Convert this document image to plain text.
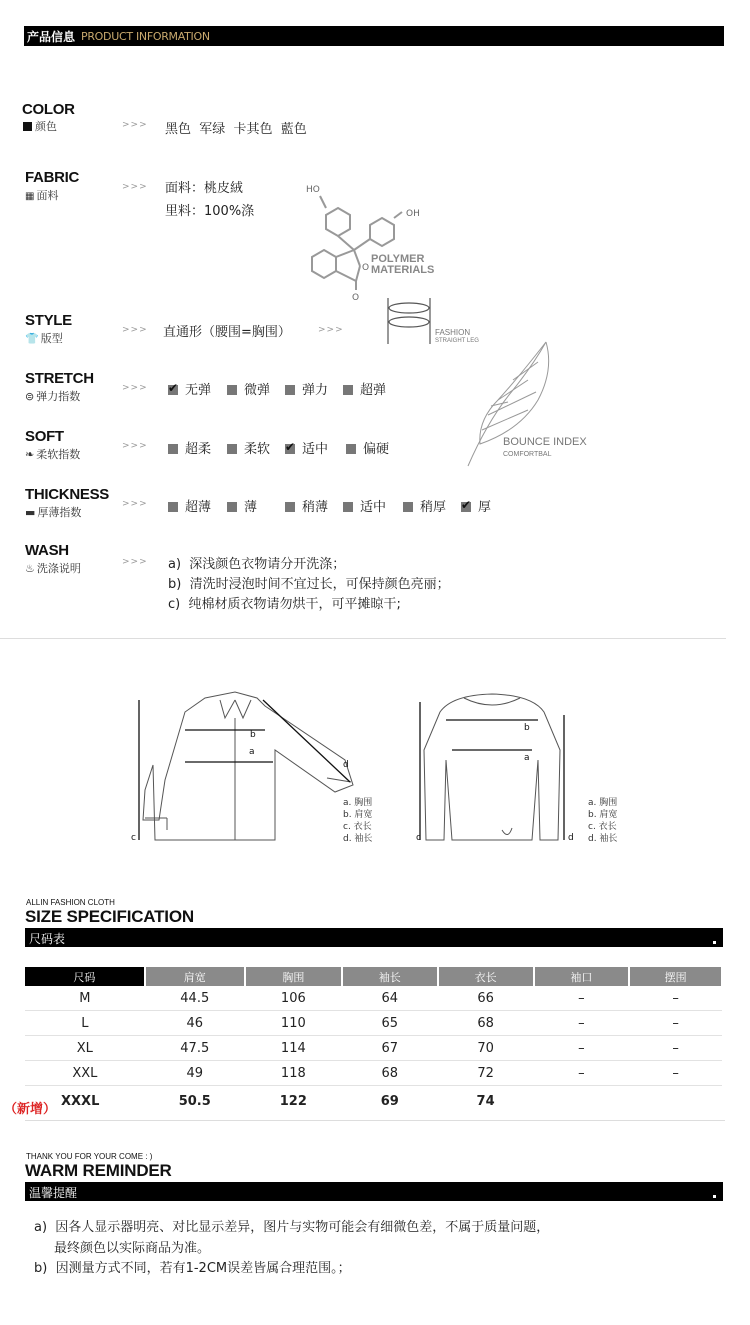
产品信息 PRODUCT INFORMATION
COLOR
颜色	>>> 黑色  军绿  卡其色  藍色
FABRIC
▦ 面料
>>> 面料：桃皮絨
里料：100%涤
HO
OH
O
O
POLYMER
MATERIALS
STYLE
👕 版型
>>> 直通形（腰围=胸围）	>>>	FASHION
STRAIGHT LEG
STRETCH
⊜ 弹力指数
>>> ✔	无弹	微弹	弹力	超弹
BOUNCE INDEX
COMFORTBAL
SOFT
❧ 柔软指数
>>>	超柔	柔软 ✔	适中	偏硬
THICKNESS
▬ 厚薄指数
>>>	超薄	薄	稍薄	适中	稍厚 ✔	厚
WASH
♨ 洗涤说明	>>> a)  深浅颜色衣物请分开洗涤；
b)  清洗时浸泡时间不宜过长，可保持颜色亮丽；
c)  纯棉材质衣物请勿烘干，可平摊晾干;
b
a
c
d
a. 胸围
b. 肩宽
c. 衣长
d. 袖长
b
a
c	d
a. 胸围
b. 肩宽
c. 衣长
d. 袖长
ALLIN FASHION CLOTH
SIZE SPECIFICATION
尺码表
尺码	肩宽	胸围	袖长	衣长	袖口	摆围
M	44.5	106	64	66	–	–
L	46	110	65	68	–	–
XL	47.5	114	67	70	–	–
XXL	49	118	68	72	–	–
XXXL	50.5	122	69	74		
（新增）
THANK YOU FOR YOUR COME : )
WARM REMINDER
温馨提醒
a)  因各人显示器明亮、对比显示差异，图片与实物可能会有细微色差，不属于质量问题，
最终颜色以实际商品为准。
b)  因测量方式不同，若有1-2CM误差皆属合理范围。；
